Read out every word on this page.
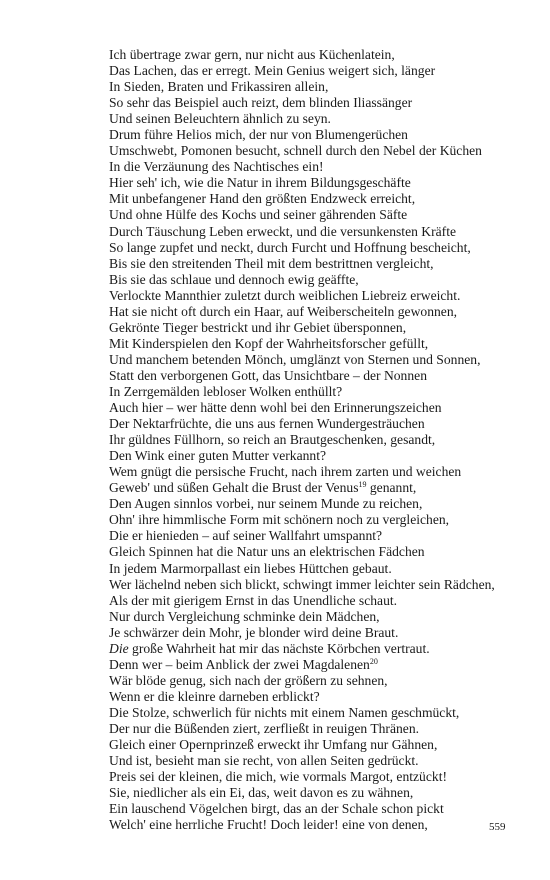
Ich übertrage zwar gern, nur nicht aus Küchenlatein,
Das Lachen, das er erregt. Mein Genius weigert sich, länger
In Sieden, Braten und Frikassiren allein,
So sehr das Beispiel auch reizt, dem blinden Iliassänger
Und seinen Beleuchtern ähnlich zu seyn.
Drum führe Helios mich, der nur von Blumengerüchen
Umschwebt, Pomonen besucht, schnell durch den Nebel der Küchen
In die Verzäunung des Nachtisches ein!
Hier seh' ich, wie die Natur in ihrem Bildungsgeschäfte
Mit unbefangener Hand den größten Endzweck erreicht,
Und ohne Hülfe des Kochs und seiner gährenden Säfte
Durch Täuschung Leben erweckt, und die versunkensten Kräfte
So lange zupfet und neckt, durch Furcht und Hoffnung bescheicht,
Bis sie den streitenden Theil mit dem bestrittnen vergleicht,
Bis sie das schlaue und dennoch ewig geäffte,
Verlockte Mannthier zuletzt durch weiblichen Liebreiz erweicht.
Hat sie nicht oft durch ein Haar, auf Weiberscheiteln gewonnen,
Gekrönte Tieger bestrickt und ihr Gebiet übersponnen,
Mit Kinderspielen den Kopf der Wahrheitsforscher gefüllt,
Und manchem betenden Mönch, umglänzt von Sternen und Sonnen,
Statt den verborgenen Gott, das Unsichtbare – der Nonnen
In Zerrgemälden lebloser Wolken enthüllt?
Auch hier – wer hätte denn wohl bei den Erinnerungszeichen
Der Nektarfrüchte, die uns aus fernen Wundergesträuchen
Ihr güldnes Füllhorn, so reich an Brautgeschenken, gesandt,
Den Wink einer guten Mutter verkannt?
Wem gnügt die persische Frucht, nach ihrem zarten und weichen
Geweb' und süßen Gehalt die Brust der Venus$^{19}$ genannt,
Den Augen sinnlos vorbei, nur seinem Munde zu reichen,
Ohn' ihre himmlische Form mit schönern noch zu vergleichen,
Die er hienieden – auf seiner Wallfahrt umspannt?
Gleich Spinnen hat die Natur uns an elektrischen Fädchen
In jedem Marmorpallast ein liebes Hüttchen gebaut.
Wer lächelnd neben sich blickt, schwingt immer leichter sein Rädchen,
Als der mit gierigem Ernst in das Unendliche schaut.
Nur durch Vergleichung schminke dein Mädchen,
Je schwärzer dein Mohr, je blonder wird deine Braut.
Die große Wahrheit hat mir das nächste Körbchen vertraut.
Denn wer – beim Anblick der zwei Magdalenen$^{20}$
Wär blöde genug, sich nach der größern zu sehnen,
Wenn er die kleinre darneben erblickt?
Die Stolze, schwerlich für nichts mit einem Namen geschmückt,
Der nur die Büßenden ziert, zerfließt in reuigen Thränen.
Gleich einer Opernprinzeß erweckt ihr Umfang nur Gähnen,
Und ist, besieht man sie recht, von allen Seiten gedrückt.
Preis sei der kleinen, die mich, wie vormals Margot, entzückt!
Sie, niedlicher als ein Ei, das, weit davon es zu wähnen,
Ein lauschend Vögelchen birgt, das an der Schale schon pickt
Welch' eine herrliche Frucht! Doch leider! eine von denen,	559
